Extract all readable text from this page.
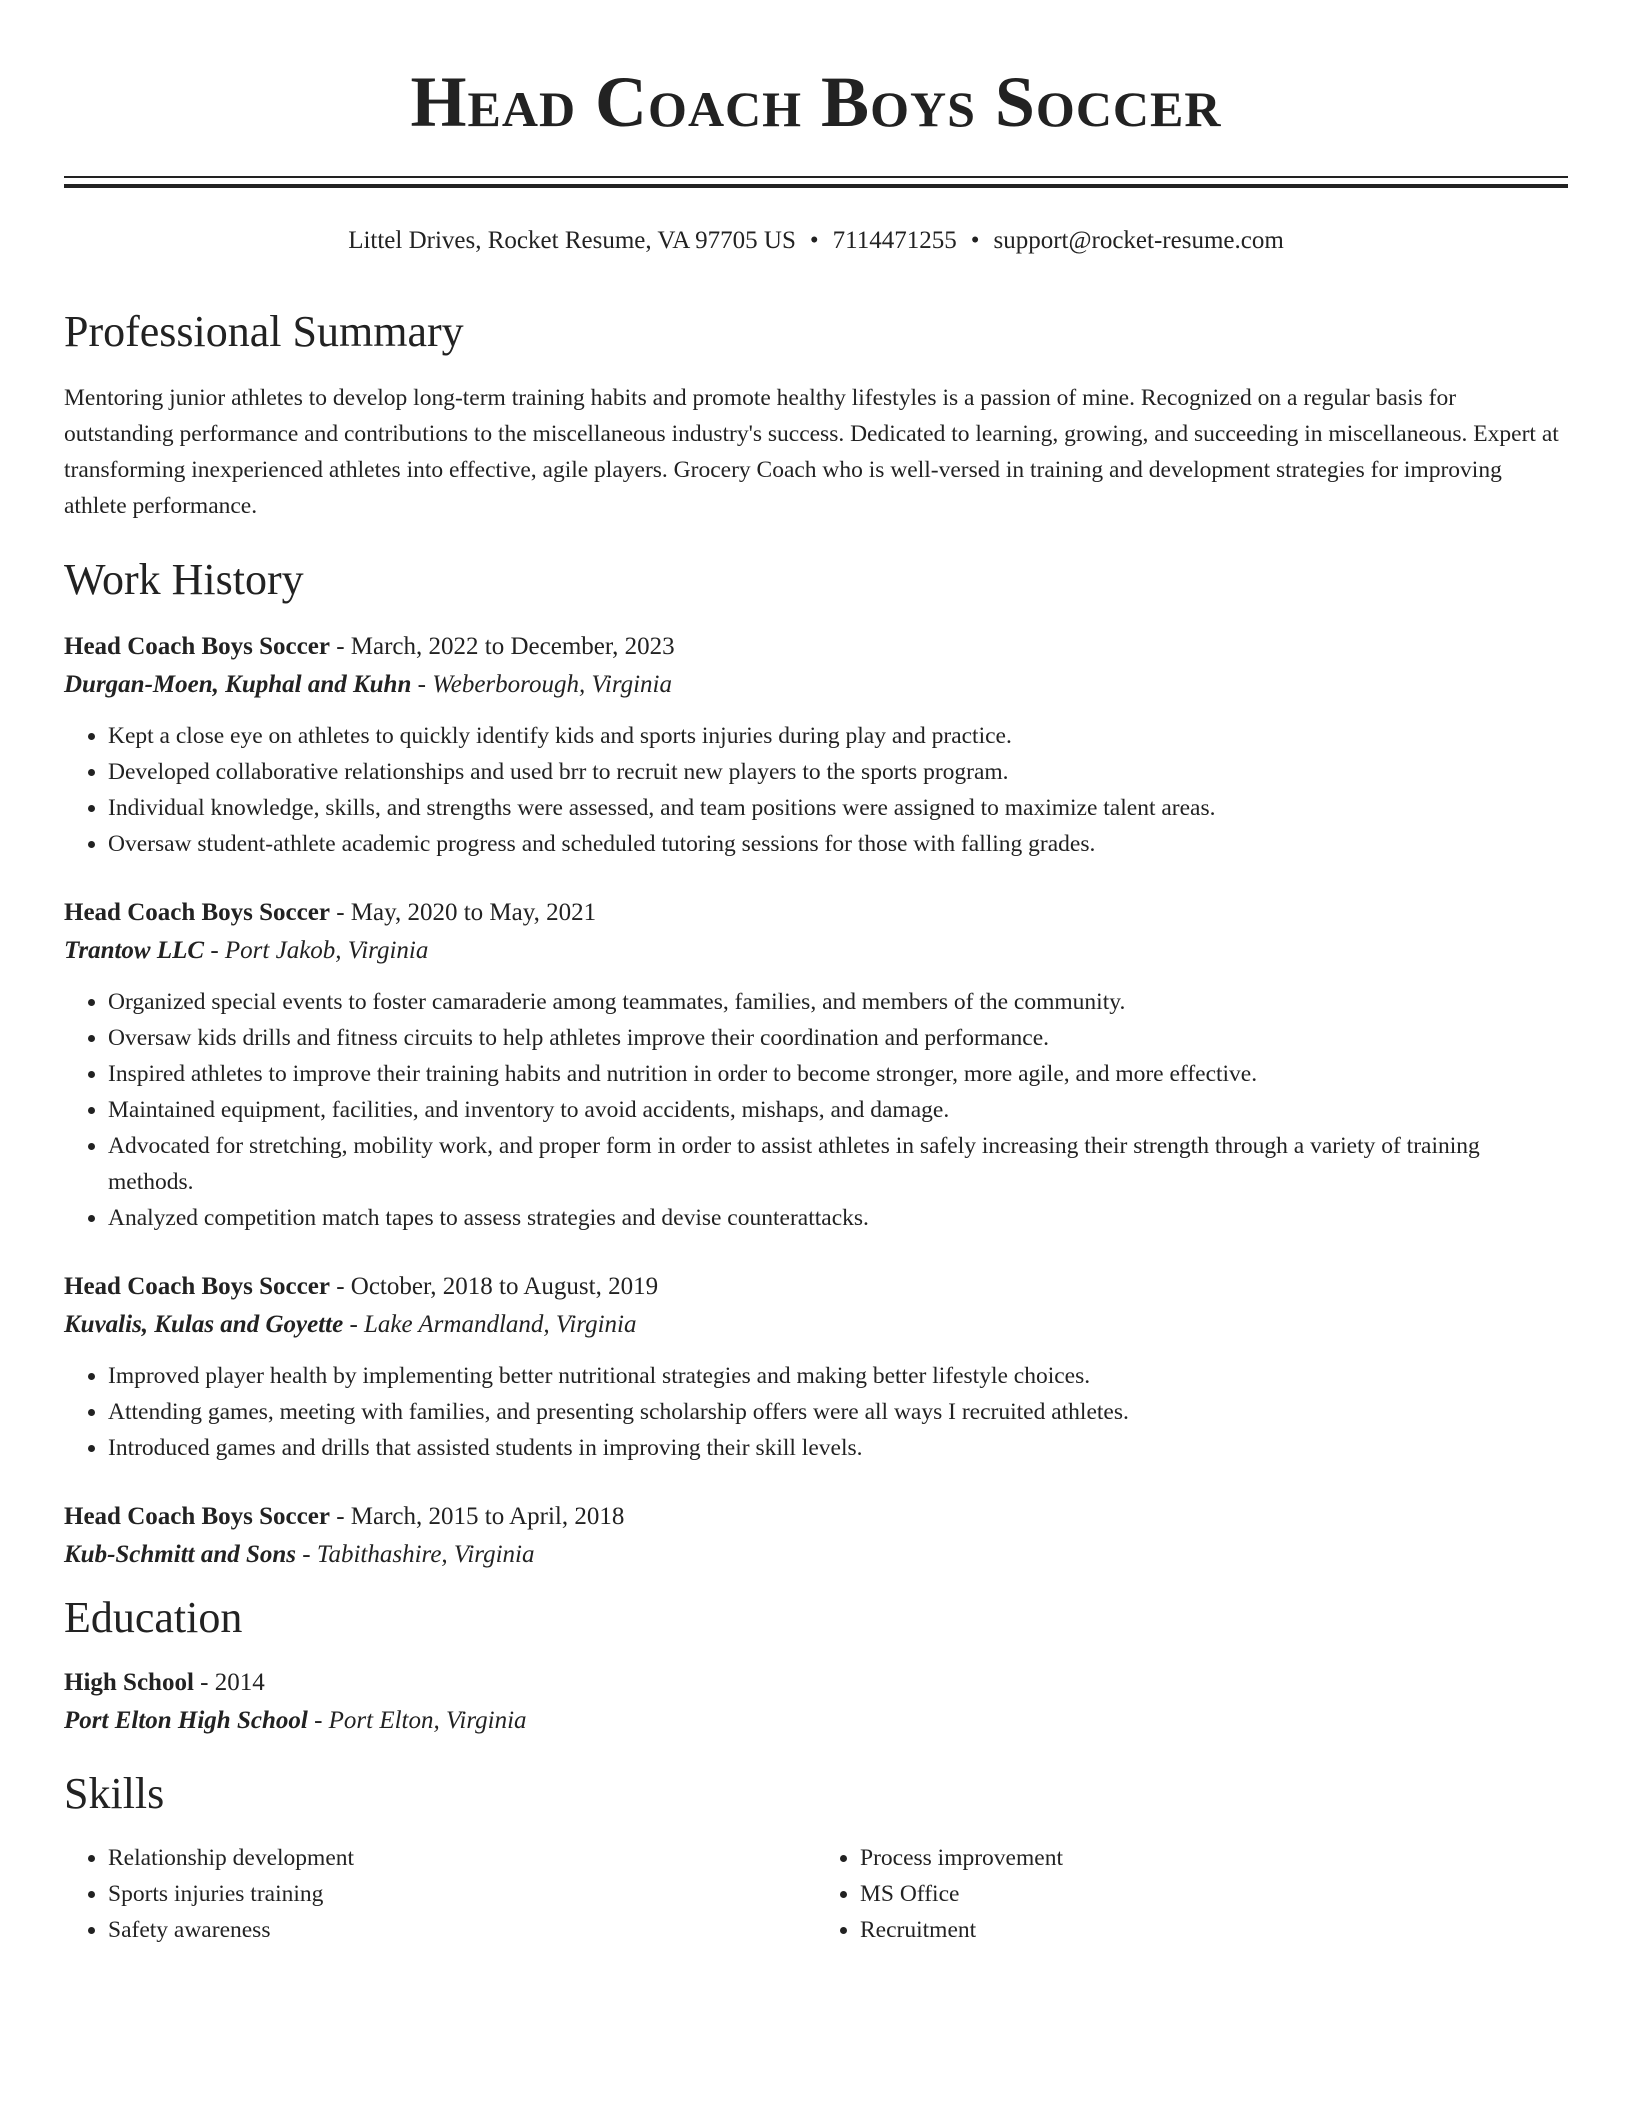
Head Coach Boys Soccer
Littel Drives, Rocket Resume, VA 97705 US • 7114471255 • support@rocket-resume.com
Professional Summary

Mentoring junior athletes to develop long-term training habits and promote healthy lifestyles is a passion of mine. Recognized on a regular basis for outstanding performance and contributions to the miscellaneous industry's success. Dedicated to learning, growing, and succeeding in miscellaneous. Expert at transforming inexperienced athletes into effective, agile players. Grocery Coach who is well-versed in training and development strategies for improving athlete performance.

Work History
Head Coach Boys Soccer - March, 2022 to December, 2023
Durgan-Moen, Kuphal and Kuhn - Weberborough, Virginia
• Kept a close eye on athletes to quickly identify kids and sports injuries during play and practice.
• Developed collaborative relationships and used brr to recruit new players to the sports program.
• Individual knowledge, skills, and strengths were assessed, and team positions were assigned to maximize talent areas.
• Oversaw student-athlete academic progress and scheduled tutoring sessions for those with falling grades.
Head Coach Boys Soccer - May, 2020 to May, 2021
Trantow LLC - Port Jakob, Virginia
• Organized special events to foster camaraderie among teammates, families, and members of the community.
• Oversaw kids drills and fitness circuits to help athletes improve their coordination and performance.
• Inspired athletes to improve their training habits and nutrition in order to become stronger, more agile, and more effective.
• Maintained equipment, facilities, and inventory to avoid accidents, mishaps, and damage.
• Advocated for stretching, mobility work, and proper form in order to assist athletes in safely increasing their strength through a variety of training methods.
• Analyzed competition match tapes to assess strategies and devise counterattacks.
Head Coach Boys Soccer - October, 2018 to August, 2019
Kuvalis, Kulas and Goyette - Lake Armandland, Virginia
• Improved player health by implementing better nutritional strategies and making better lifestyle choices.
• Attending games, meeting with families, and presenting scholarship offers were all ways I recruited athletes.
• Introduced games and drills that assisted students in improving their skill levels.
Head Coach Boys Soccer - March, 2015 to April, 2018
Kub-Schmitt and Sons - Tabithashire, Virginia
Education
High School - 2014
Port Elton High School - Port Elton, Virginia
Skills
• Relationship development
• Sports injuries training
• Safety awareness
• Process improvement
• MS Office
• Recruitment
